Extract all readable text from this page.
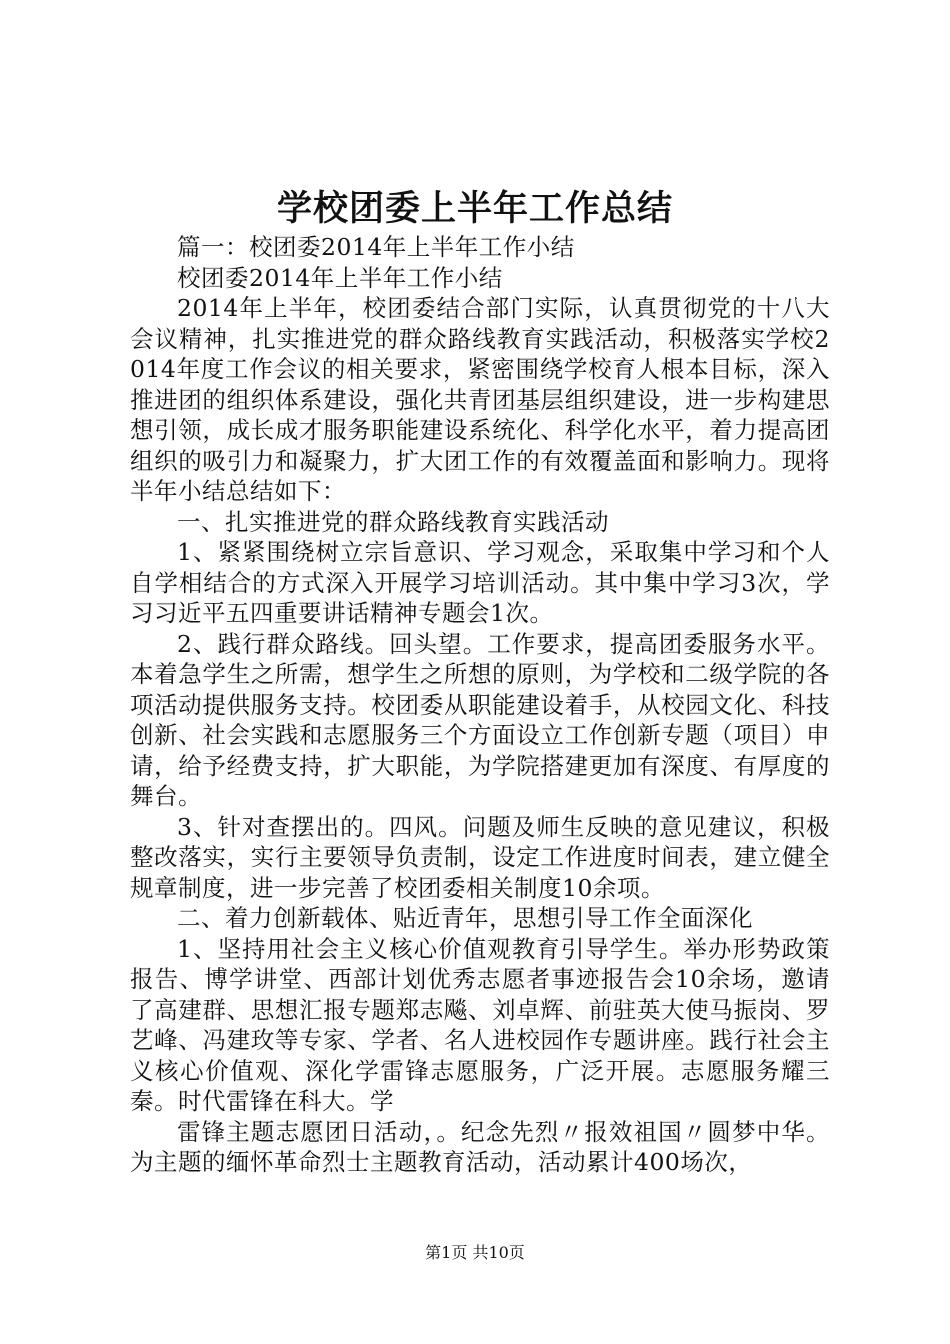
学校团委上半年工作总结

篇一：校团委2014年上半年工作小结

校团委2014年上半年工作小结

2014年上半年，校团委结合部门实际，认真贯彻党的十八大会议精神，扎实推进党的群众路线教育实践活动，积极落实学校2014年度工作会议的相关要求，紧密围绕学校育人根本目标，深入推进团的组织体系建设，强化共青团基层组织建设，进一步构建思想引领，成长成才服务职能建设系统化、科学化水平，着力提高团组织的吸引力和凝聚力，扩大团工作的有效覆盖面和影响力。现将半年小结总结如下：

一、扎实推进党的群众路线教育实践活动

1、紧紧围绕树立宗旨意识、学习观念，采取集中学习和个人自学相结合的方式深入开展学习培训活动。其中集中学习3次，学习习近平五四重要讲话精神专题会1次。

2、践行群众路线。回头望。工作要求，提高团委服务水平。本着急学生之所需，想学生之所想的原则，为学校和二级学院的各项活动提供服务支持。校团委从职能建设着手，从校园文化、科技创新、社会实践和志愿服务三个方面设立工作创新专题（项目）申请，给予经费支持，扩大职能，为学院搭建更加有深度、有厚度的舞台。

3、针对查摆出的。四风。问题及师生反映的意见建议，积极整改落实，实行主要领导负责制，设定工作进度时间表，建立健全规章制度，进一步完善了校团委相关制度10余项。

二、着力创新载体、贴近青年，思想引导工作全面深化

1、坚持用社会主义核心价值观教育引导学生。举办形势政策报告、博学讲堂、西部计划优秀志愿者事迹报告会10余场，邀请了高建群、思想汇报专题郑志飚、刘卓辉、前驻英大使马振岗、罗艺峰、冯建玫等专家、学者、名人进校园作专题讲座。践行社会主义核心价值观、深化学雷锋志愿服务，广泛开展。志愿服务耀三秦。时代雷锋在科大。学

雷锋主题志愿团日活动，。纪念先烈〃报效祖国〃圆梦中华。为主题的缅怀革命烈士主题教育活动，活动累计400场次，

第1页 共10页
